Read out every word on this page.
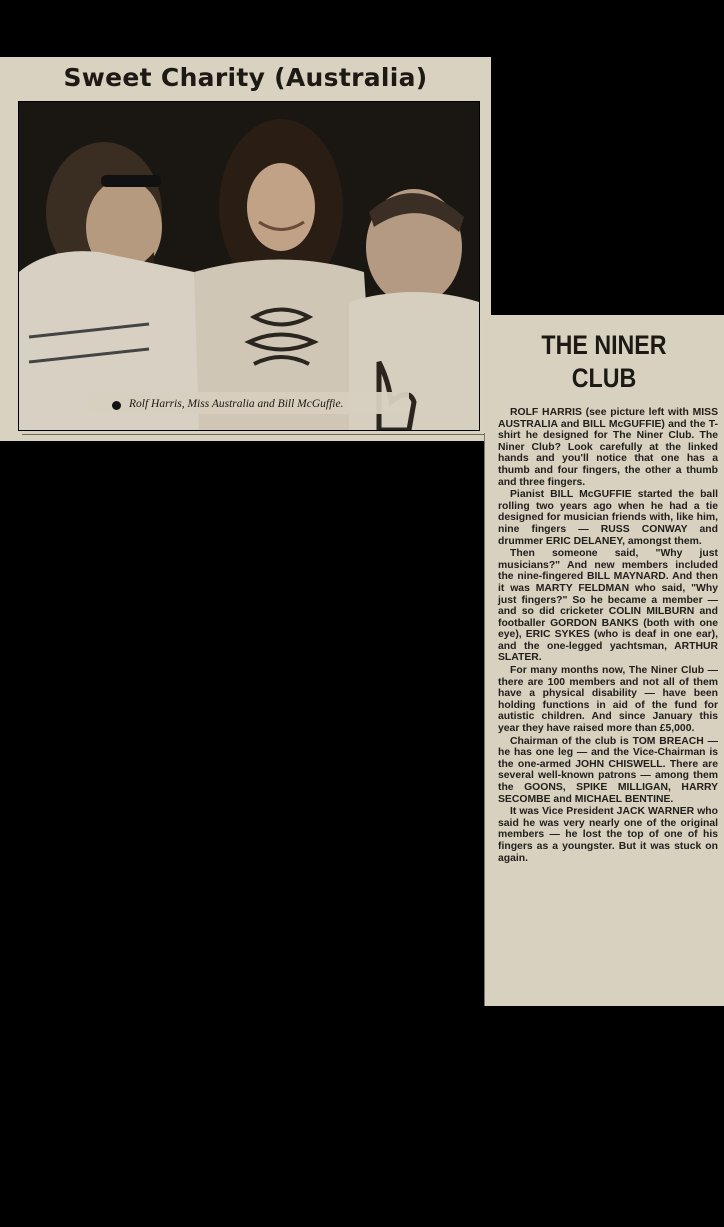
Sweet Charity (Australia)
Rolf Harris, Miss Australia and Bill McGuffie.
THE NINER
CLUB

ROLF HARRIS (see picture left with MISS AUSTRALIA and BILL McGUFFIE) and the T-shirt he designed for The Niner Club. The Niner Club? Look carefully at the linked hands and you'll notice that one has a thumb and four fingers, the other a thumb and three fingers.

Pianist BILL McGUFFIE started the ball rolling two years ago when he had a tie designed for musician friends with, like him, nine fingers — RUSS CONWAY and drummer ERIC DELANEY, amongst them.

Then someone said, "Why just musicians?" And new members included the nine-fingered BILL MAYNARD. And then it was MARTY FELDMAN who said, "Why just fingers?" So he became a member — and so did cricketer COLIN MILBURN and footballer GORDON BANKS (both with one eye), ERIC SYKES (who is deaf in one ear), and the one-legged yachtsman, ARTHUR SLATER.

For many months now, The Niner Club — there are 100 members and not all of them have a physical disability — have been holding functions in aid of the fund for autistic children. And since January this year they have raised more than £5,000.

Chairman of the club is TOM BREACH — he has one leg — and the Vice-Chairman is the one-armed JOHN CHISWELL. There are several well-known patrons — among them the GOONS, SPIKE MILLIGAN, HARRY SECOMBE and MICHAEL BENTINE.

It was Vice President JACK WARNER who said he was very nearly one of the original members — he lost the top of one of his fingers as a youngster. But it was stuck on again.
